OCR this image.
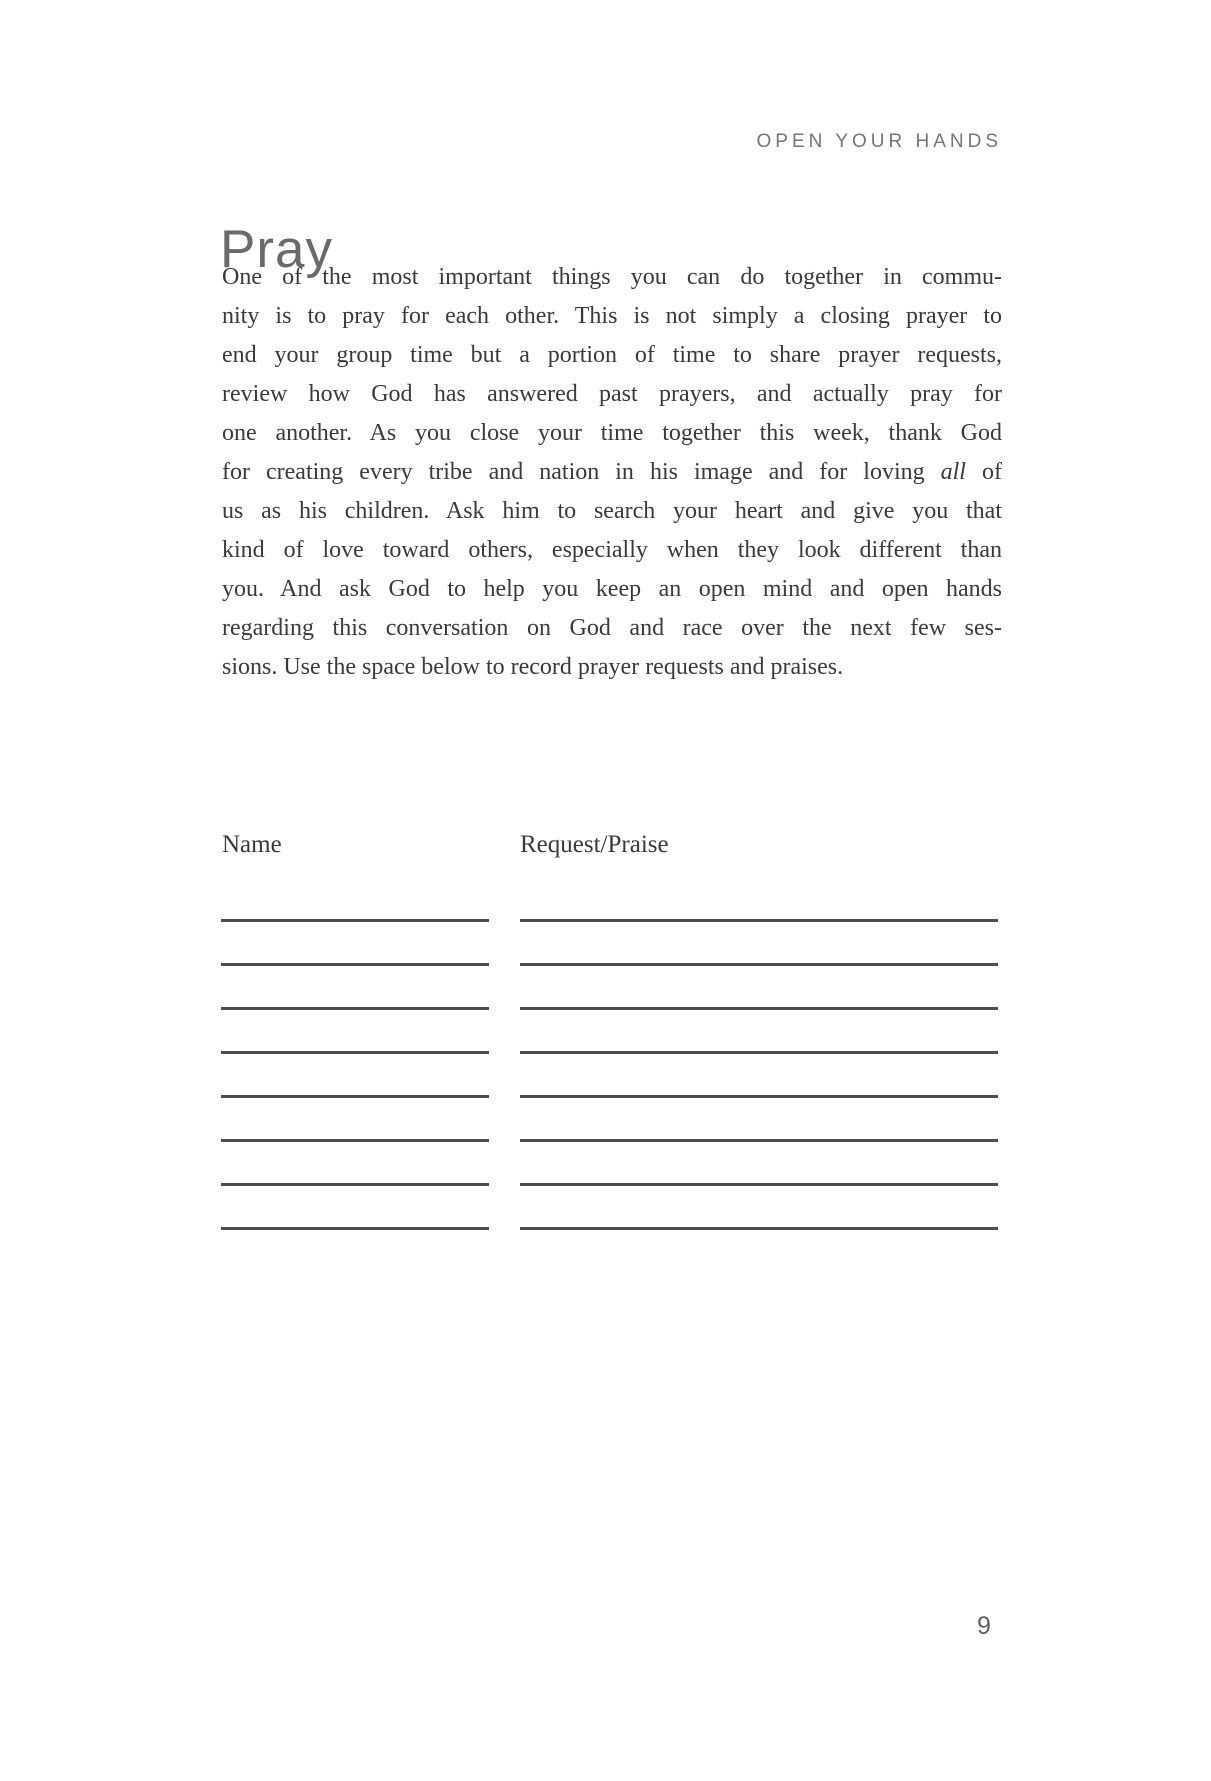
OPEN YOUR HANDS
Pray
One of the most important things you can do together in commu-
nity is to pray for each other. This is not simply a closing prayer to
end your group time but a portion of time to share prayer requests,
review how God has answered past prayers, and actually pray for
one another. As you close your time together this week, thank God
for creating every tribe and nation in his image and for loving all of
us as his children. Ask him to search your heart and give you that
kind of love toward others, especially when they look different than
you. And ask God to help you keep an open mind and open hands
regarding this conversation on God and race over the next few ses-
sions. Use the space below to record prayer requests and praises.
Name	Request/Praise
9
